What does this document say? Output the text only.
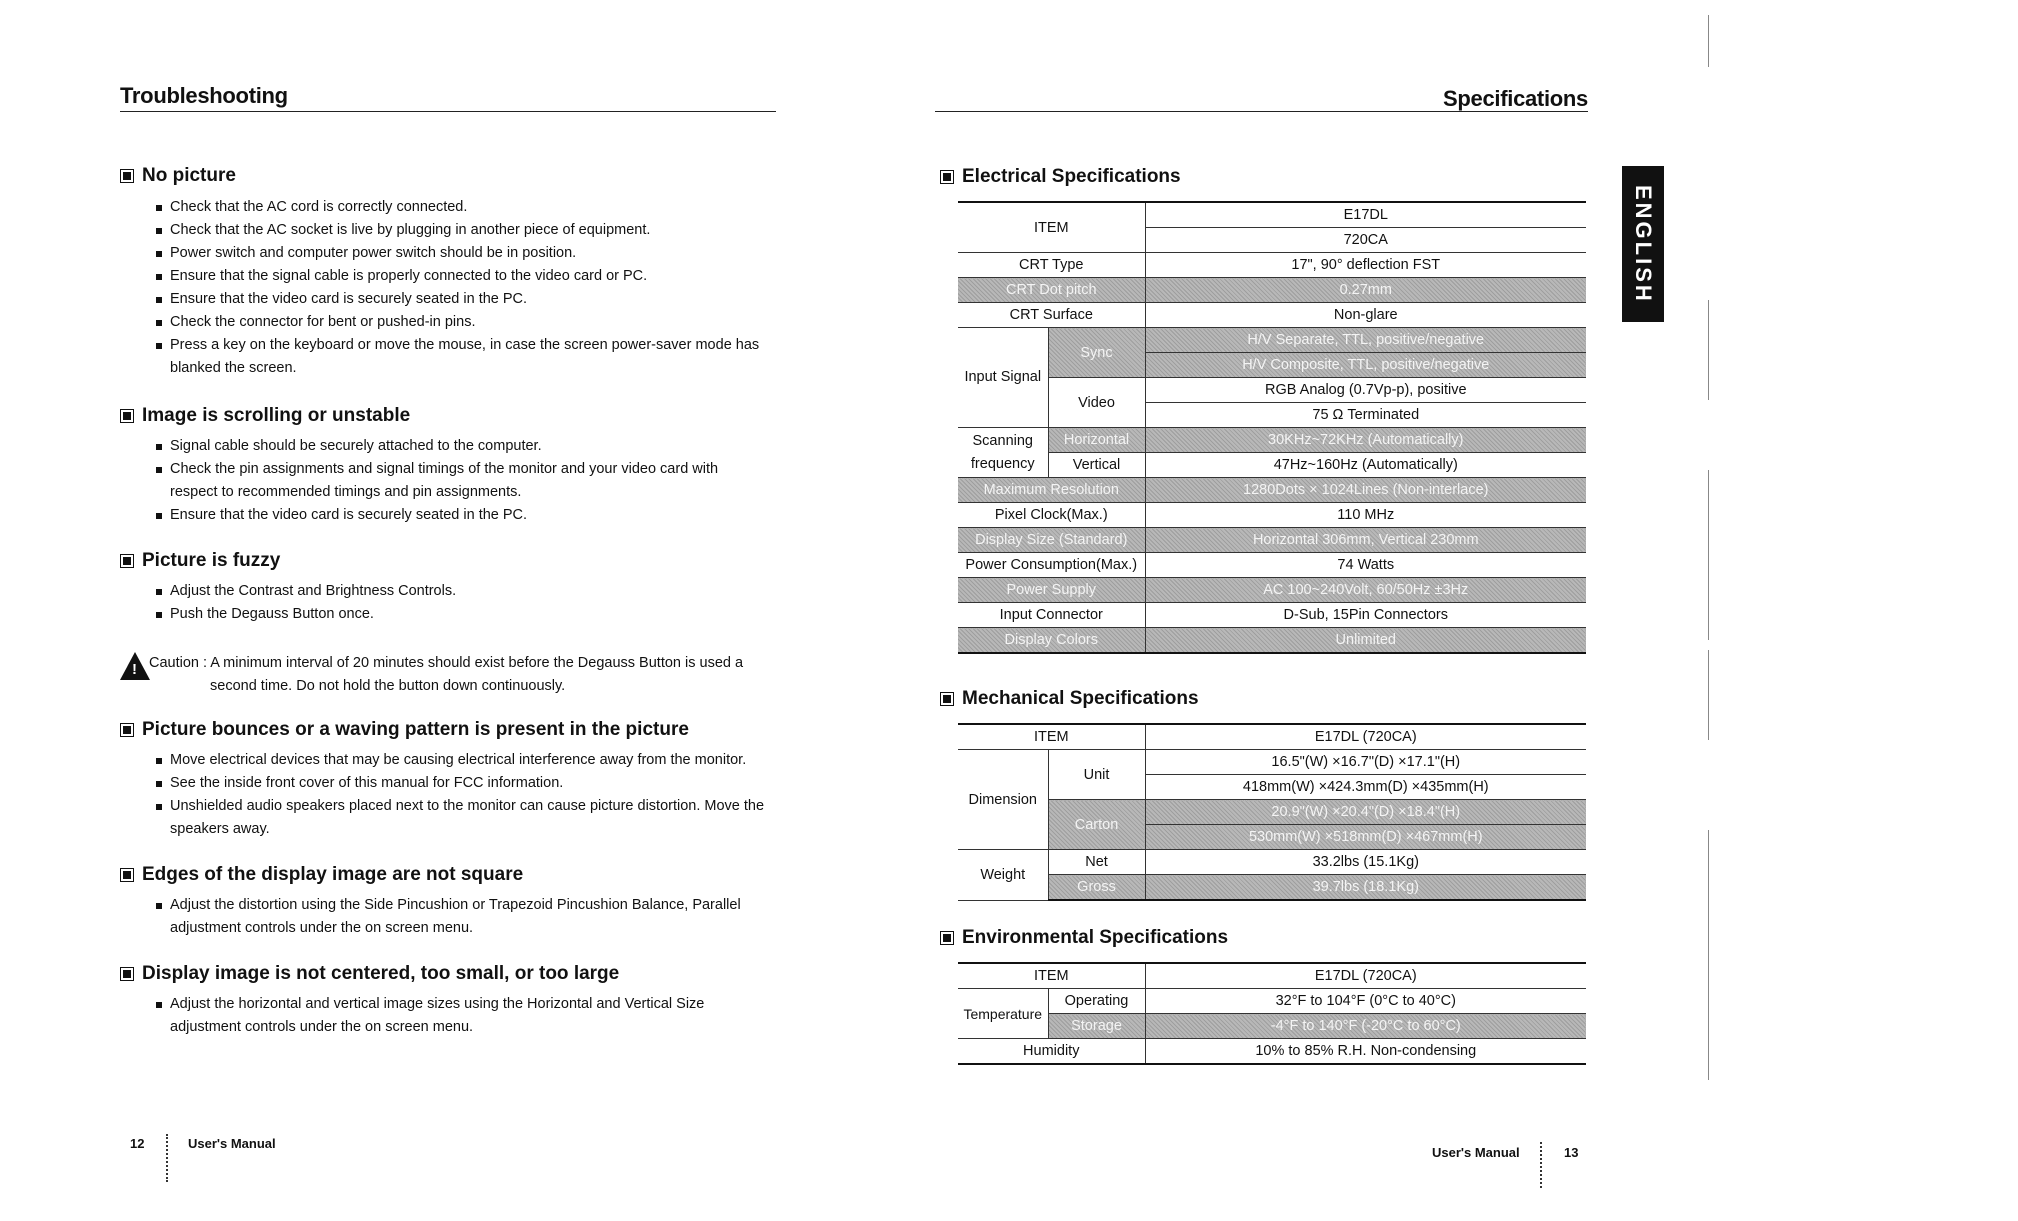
Troubleshooting
No picture
Check that the AC cord is correctly connected.
Check that the AC socket is live by plugging in another piece of equipment.
Power switch and computer power switch should be in position.
Ensure that the signal cable is properly connected to the video card or PC.
Ensure that the video card is securely seated in the PC.
Check the connector for bent or pushed-in pins.
Press a key on the keyboard or move the mouse, in case the screen power-saver mode has blanked the screen.
Image is scrolling or unstable
Signal cable should be securely attached to the computer.
Check the pin assignments and signal timings of the monitor and your video card with respect to recommended timings and pin assignments.
Ensure that the video card is securely seated in the PC.
Picture is fuzzy
Adjust the Contrast and Brightness Controls.
Push the Degauss Button once.
!
Caution : A minimum interval of 20 minutes should exist before the Degauss Button is used a
second time. Do not hold the button down continuously.
Picture bounces or a waving pattern is present in the picture
Move electrical devices that may be causing electrical interference away from the monitor.
See the inside front cover of this manual for FCC information.
Unshielded audio speakers placed next to the monitor can cause picture distortion. Move the speakers away.
Edges of the display image are not square
Adjust the distortion using the Side Pincushion or Trapezoid Pincushion Balance, Parallel adjustment controls under the on screen menu.
Display image is not centered, too small, or too large
Adjust the horizontal and vertical image sizes using the Horizontal and Vertical Size adjustment controls under the on screen menu.
12	User's Manual
Specifications
ENGLISH
Electrical Specifications
ITEM		E17DL
		720CA
CRT Type		17", 90° deflection FST
CRT Dot pitch		0.27mm
CRT Surface		Non-glare
Input Signal	Sync	H/V Separate, TTL, positive/negative
		H/V Composite, TTL, positive/negative
	Video	RGB Analog (0.7Vp-p), positive
		75 Ω Terminated
Scanning frequency	Horizontal	30KHz~72KHz (Automatically)
	Vertical	47Hz~160Hz (Automatically)
Maximum Resolution		1280Dots × 1024Lines (Non-interlace)
Pixel Clock(Max.)		110 MHz
Display Size (Standard)		Horizontal 306mm, Vertical 230mm
Power Consumption(Max.)		74 Watts
Power Supply		AC 100~240Volt, 60/50Hz ±3Hz
Input Connector		D-Sub, 15Pin Connectors
Display Colors		Unlimited
Mechanical Specifications
ITEM		E17DL (720CA)
Dimension	Unit	16.5"(W) ×16.7"(D) ×17.1"(H)
		418mm(W) ×424.3mm(D) ×435mm(H)
	Carton	20.9"(W) ×20.4"(D) ×18.4"(H)
		530mm(W) ×518mm(D) ×467mm(H)
Weight	Net	33.2lbs (15.1Kg)
	Gross	39.7lbs (18.1Kg)
Environmental Specifications
ITEM		E17DL (720CA)
Temperature	Operating	32°F to 104°F (0°C to 40°C)
	Storage	-4°F to 140°F (-20°C to 60°C)
Humidity		10% to 85% R.H. Non-condensing
User's Manual	13
